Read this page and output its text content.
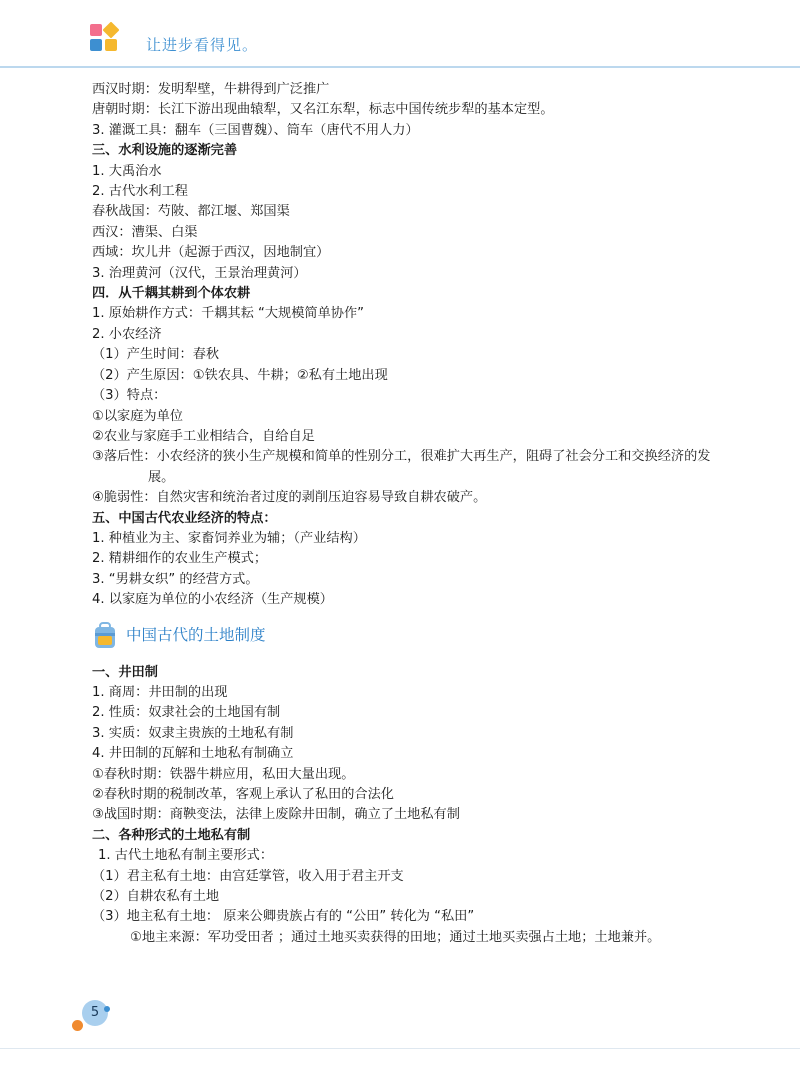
让进步看得见。
西汉时期：发明犁壁，牛耕得到广泛推广
唐朝时期：长江下游出现曲辕犁，又名江东犁，标志中国传统步犁的基本定型。
3. 灌溉工具：翻车（三国曹魏）、筒车（唐代不用人力）
三、水利设施的逐渐完善
1. 大禹治水
2. 古代水利工程
春秋战国：芍陂、都江堰、郑国渠
西汉：漕渠、白渠
西域：坎儿井（起源于西汉，因地制宜）
3. 治理黄河（汉代，王景治理黄河）
四．从千耦其耕到个体农耕
1. 原始耕作方式：千耦其耘 “大规模简单协作”
2. 小农经济
（1）产生时间：春秋
（2）产生原因：①铁农具、牛耕；②私有土地出现
（3）特点：
①以家庭为单位
②农业与家庭手工业相结合，自给自足
③落后性：小农经济的狭小生产规模和简单的性别分工，很难扩大再生产，阻碍了社会分工和交换经济的发展。
④脆弱性：自然灾害和统治者过度的剥削压迫容易导致自耕农破产。
五、中国古代农业经济的特点：
1. 种植业为主、家畜饲养业为辅；（产业结构）
2. 精耕细作的农业生产模式；
3. “男耕女织” 的经营方式。
4. 以家庭为单位的小农经济（生产规模）
中国古代的土地制度
一、井田制
1. 商周：井田制的出现
2. 性质：奴隶社会的土地国有制
3. 实质：奴隶主贵族的土地私有制
4. 井田制的瓦解和土地私有制确立
①春秋时期：铁器牛耕应用，私田大量出现。
②春秋时期的税制改革，客观上承认了私田的合法化
③战国时期：商鞅变法，法律上废除井田制，确立了土地私有制
二、各种形式的土地私有制
1. 古代土地私有制主要形式：
（1）君主私有土地：由宫廷掌管，收入用于君主开支
（2）自耕农私有土地
（3）地主私有土地： 原来公卿贵族占有的 “公田” 转化为 “私田”
①地主来源：军功受田者 ；通过土地买卖获得的田地；通过土地买卖强占土地；土地兼并。
5
